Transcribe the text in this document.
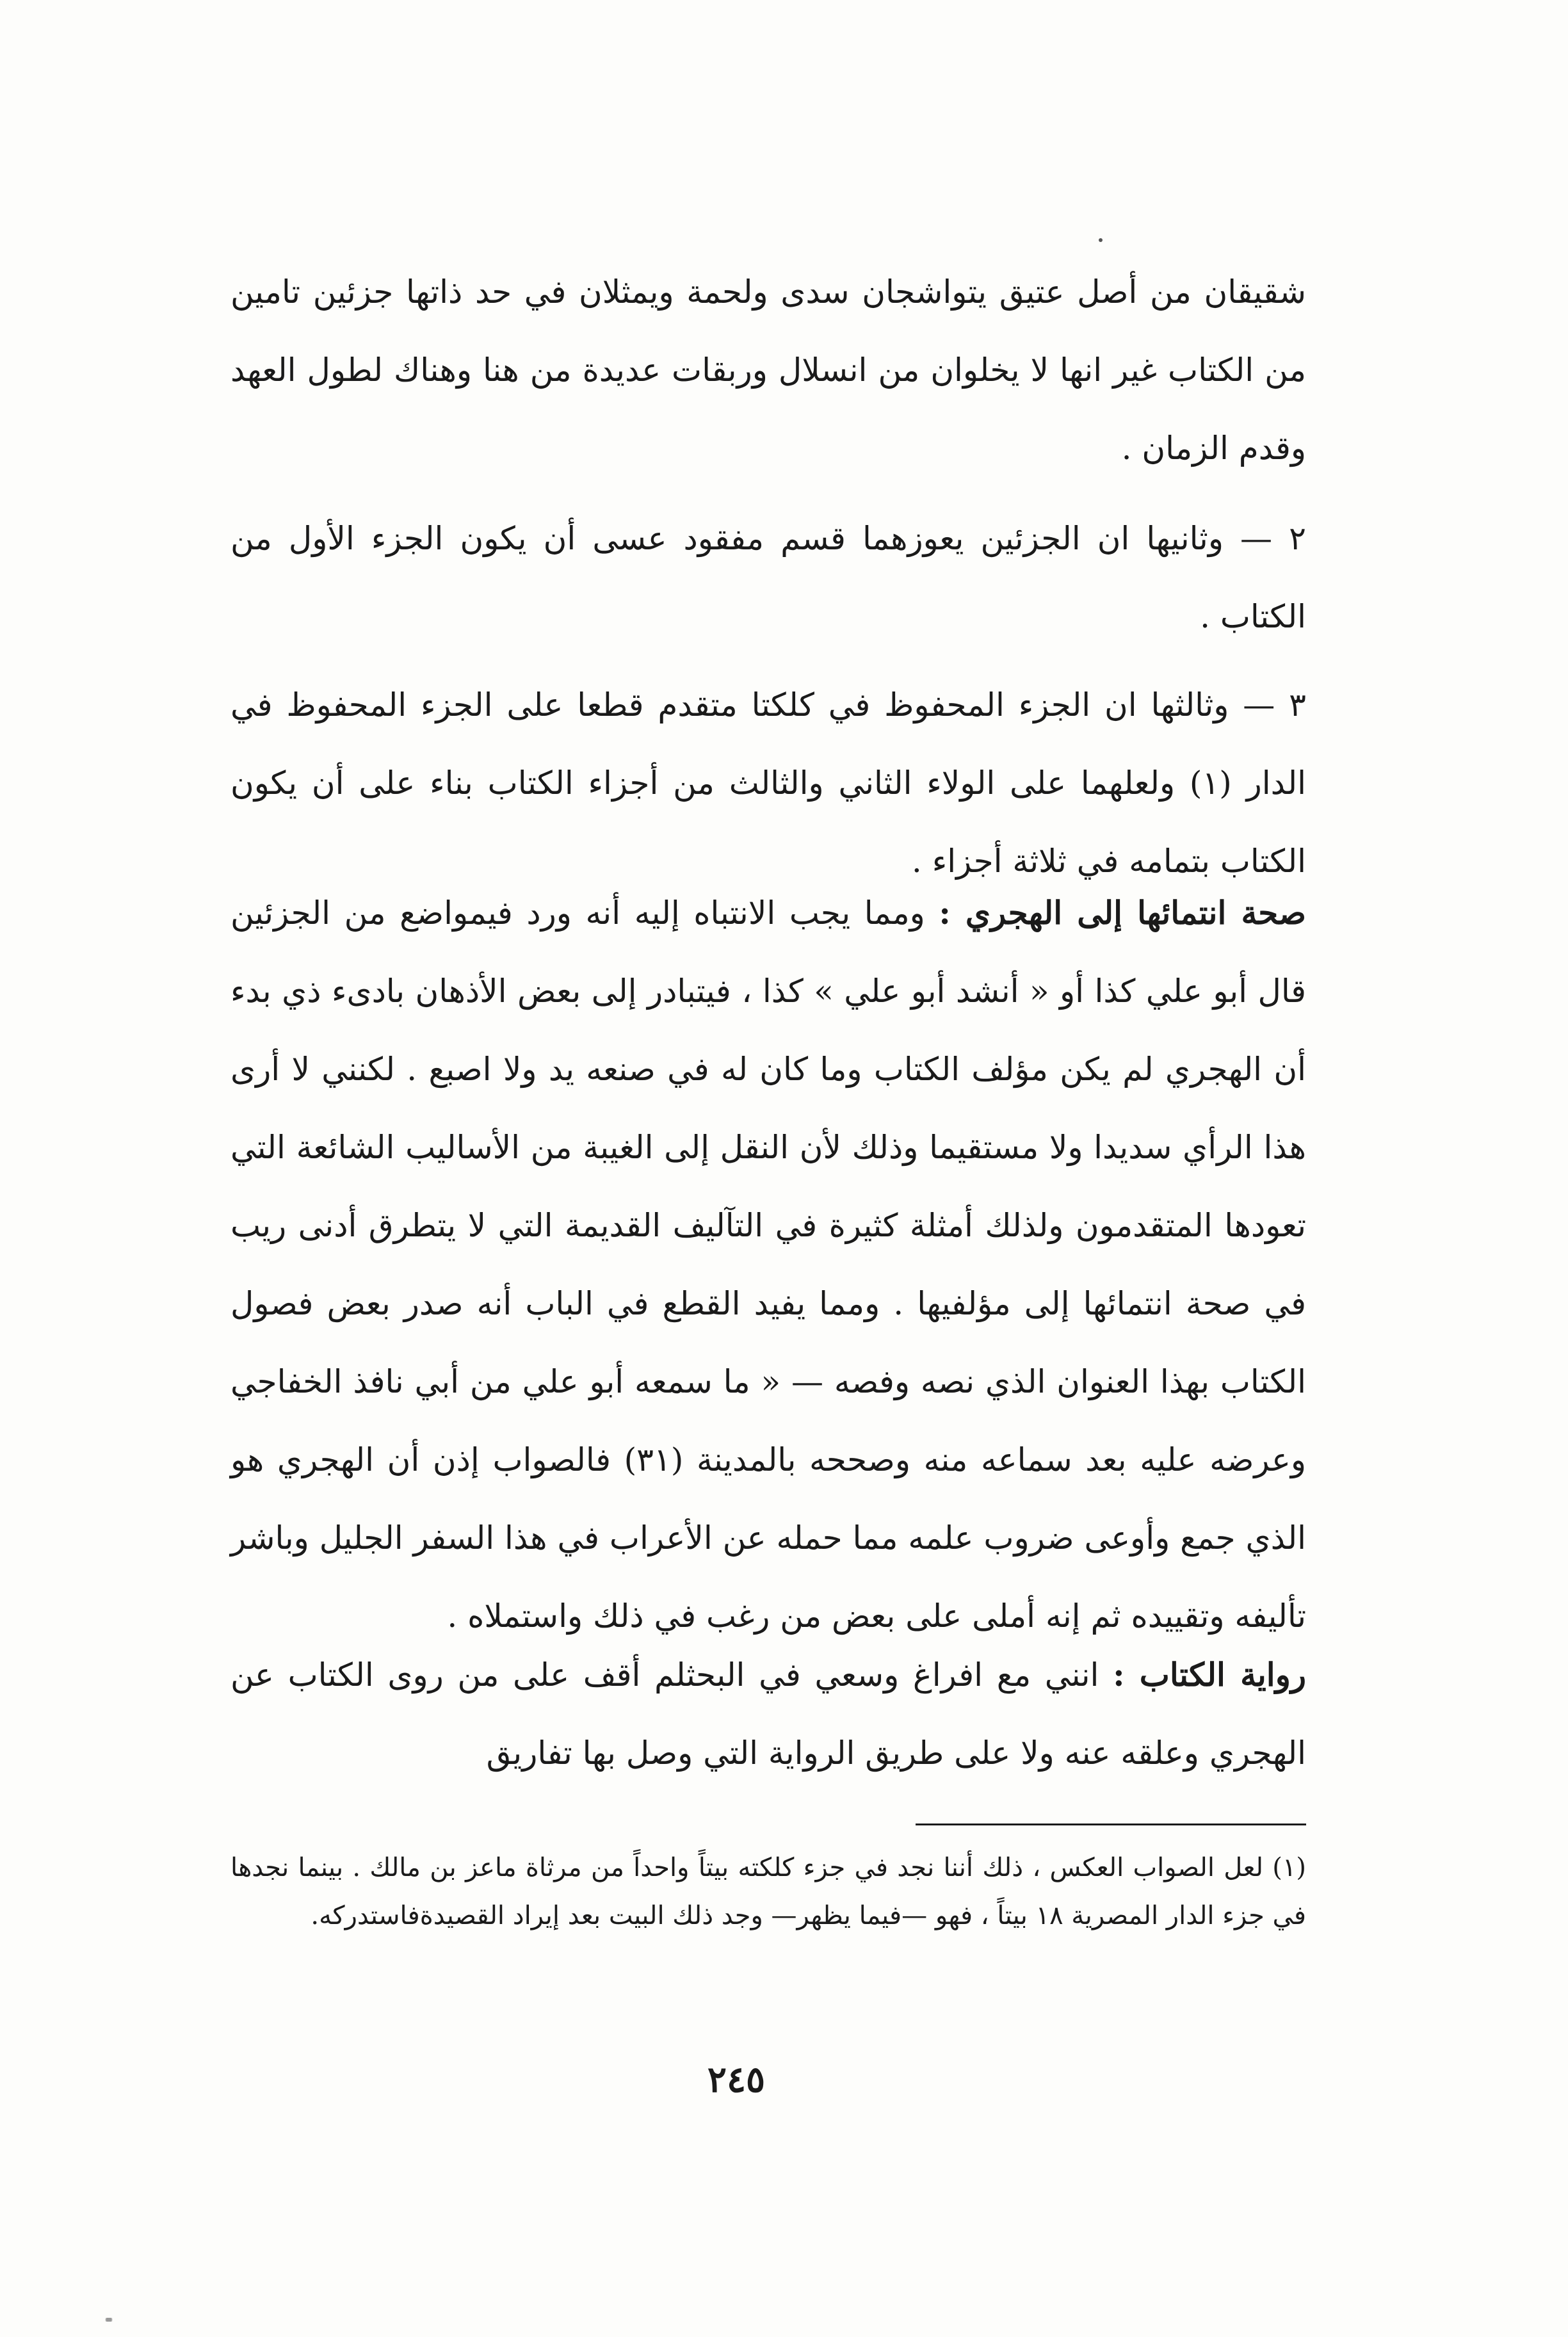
شقيقان من أصل عتيق يتواشجان سدى ولحمة ويمثلان في حد ذاتها جزئين تامين من الكتاب غير انها لا يخلوان من انسلال وربقات عديدة من هنا وهناك لطول العهد وقدم الزمان .

٢ — وثانيها ان الجزئين يعوزهما قسم مفقود عسى أن يكون الجزء الأول من الكتاب .

٣ — وثالثها ان الجزء المحفوظ في كلكتا متقدم قطعا على الجزء المحفوظ في الدار (١) ولعلهما على الولاء الثاني والثالث من أجزاء الكتاب بناء على أن يكون الكتاب بتمامه في ثلاثة أجزاء .

صحة انتمائها إلى الهجري : ومما يجب الانتباه إليه أنه ورد فيمواضع من الجزئين قال أبو علي كذا أو « أنشد أبو علي » كذا ، فيتبادر إلى بعض الأذهان بادىء ذي بدء أن الهجري لم يكن مؤلف الكتاب وما كان له في صنعه يد ولا اصبع . لكنني لا أرى هذا الرأي سديدا ولا مستقيما وذلك لأن النقل إلى الغيبة من الأساليب الشائعة التي تعودها المتقدمون ولذلك أمثلة كثيرة في التآليف القديمة التي لا يتطرق أدنى ريب في صحة انتمائها إلى مؤلفيها . ومما يفيد القطع في الباب أنه صدر بعض فصول الكتاب بهذا العنوان الذي نصه وفصه — « ما سمعه أبو علي من أبي نافذ الخفاجي وعرضه عليه بعد سماعه منه وصححه بالمدينة (٣١) فالصواب إذن أن الهجري هو الذي جمع وأوعى ضروب علمه مما حمله عن الأعراب في هذا السفر الجليل وباشر تأليفه وتقييده ثم إنه أملى على بعض من رغب في ذلك واستملاه .

رواية الكتاب : انني مع افراغ وسعي في البحثلم أقف على من روى الكتاب عن الهجري وعلقه عنه ولا على طريق الرواية التي وصل بها تفاريق

(١) لعل الصواب العكس ، ذلك أننا نجد في جزء كلكته بيتاً واحداً من مرثاة ماعز بن مالك . بينما نجدها في جزء الدار المصرية ١٨ بيتاً ، فهو —فيما يظهر— وجد ذلك البيت بعد إيراد القصيدةفاستدركه.

٢٤٥
